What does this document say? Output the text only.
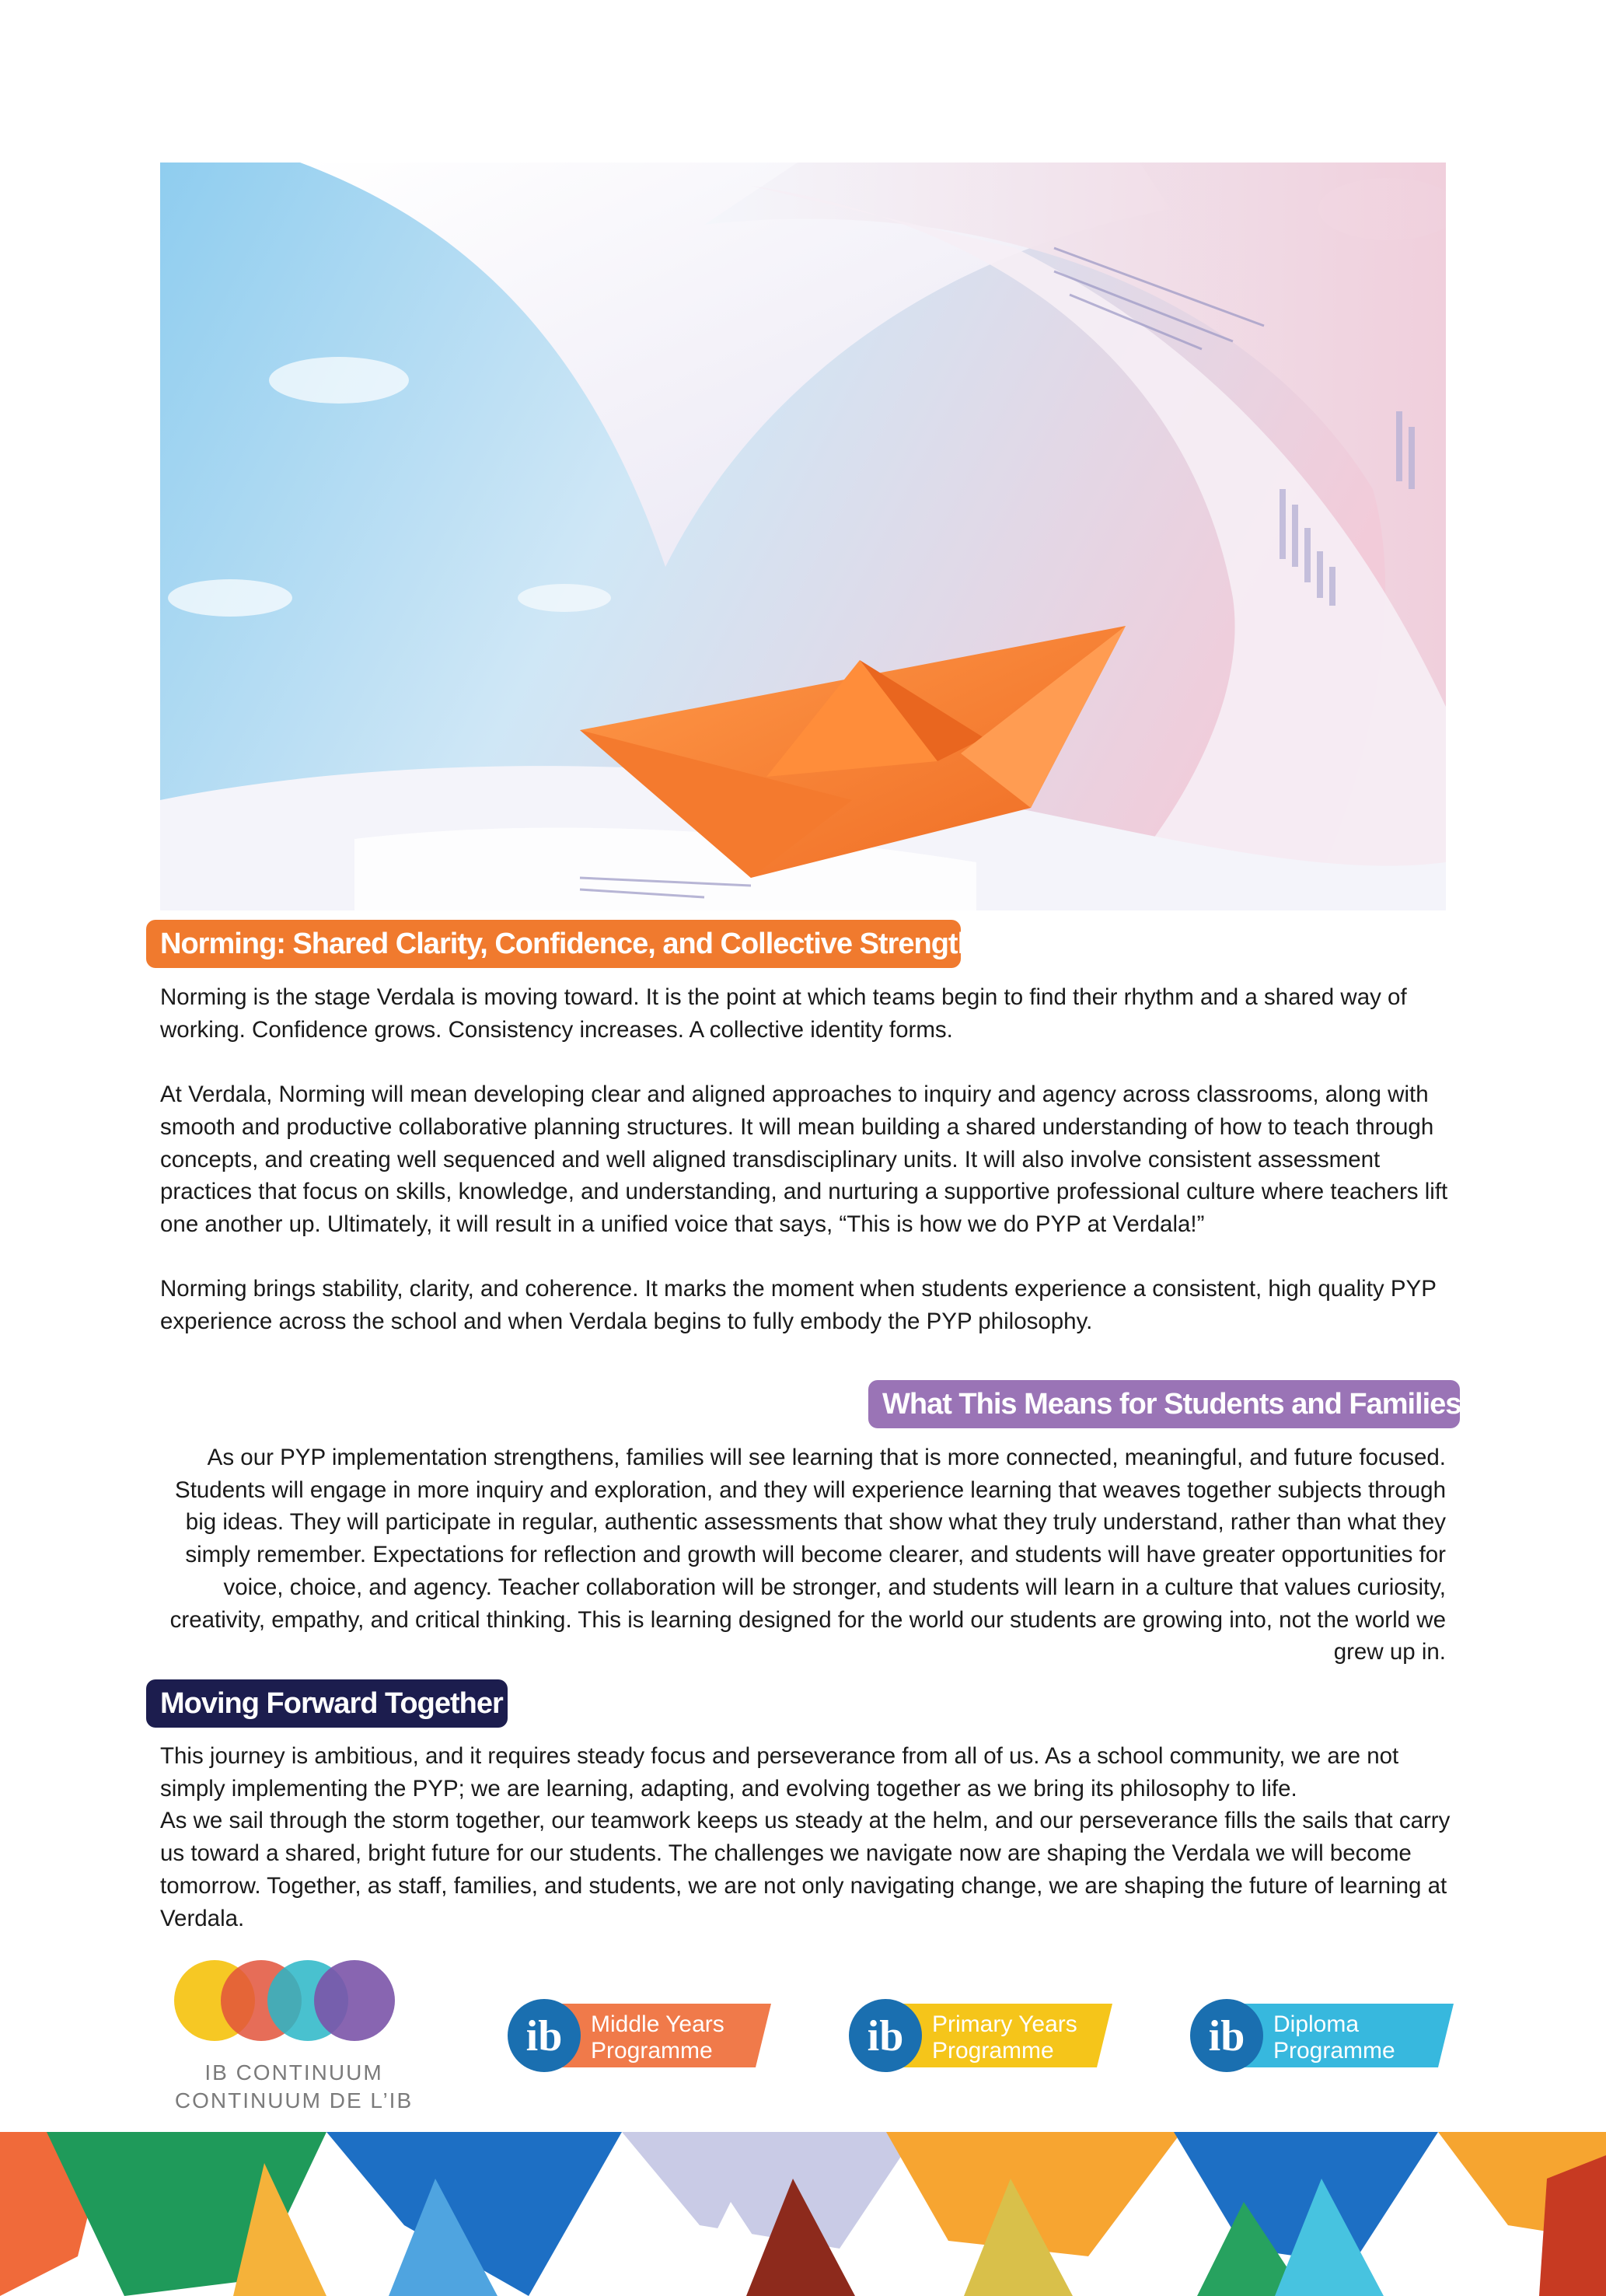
Norming: Shared Clarity, Confidence, and Collective Strength

Norming is the stage Verdala is moving toward. It is the point at which teams begin to find their rhythm and a shared way of working. Confidence grows. Consistency increases. A collective identity forms.

At Verdala, Norming will mean developing clear and aligned approaches to inquiry and agency across classrooms, along with smooth and productive collaborative planning structures. It will mean building a shared understanding of how to teach through concepts, and creating well sequenced and well aligned transdisciplinary units. It will also involve consistent assessment practices that focus on skills, knowledge, and understanding, and nurturing a supportive professional culture where teachers lift one another up. Ultimately, it will result in a unified voice that says, “This is how we do PYP at Verdala!”

Norming brings stability, clarity, and coherence. It marks the moment when students experience a consistent, high quality PYP experience across the school and when Verdala begins to fully embody the PYP philosophy.

What This Means for Students and Families

As our PYP implementation strengthens, families will see learning that is more connected, meaningful, and future focused. Students will engage in more inquiry and exploration, and they will experience learning that weaves together subjects through big ideas. They will participate in regular, authentic assessments that show what they truly understand, rather than what they simply remember. Expectations for reflection and growth will become clearer, and students will have greater opportunities for voice, choice, and agency. Teacher collaboration will be stronger, and students will learn in a culture that values curiosity, creativity, empathy, and critical thinking. This is learning designed for the world our students are growing into, not the world we grew up in.

Moving Forward Together

This journey is ambitious, and it requires steady focus and perseverance from all of us. As a school community, we are not simply implementing the PYP; we are learning, adapting, and evolving together as we bring its philosophy to life.

As we sail through the storm together, our teamwork keeps us steady at the helm, and our perseverance fills the sails that carry us toward a shared, bright future for our students. The challenges we navigate now are shaping the Verdala we will become tomorrow. Together, as staff, families, and students, we are not only navigating change, we are shaping the future of learning at Verdala.

IB CONTINUUM
CONTINUUM DE L’IB
ib Middle Years
Programme	ib Primary Years
Programme	ib Diploma
Programme
